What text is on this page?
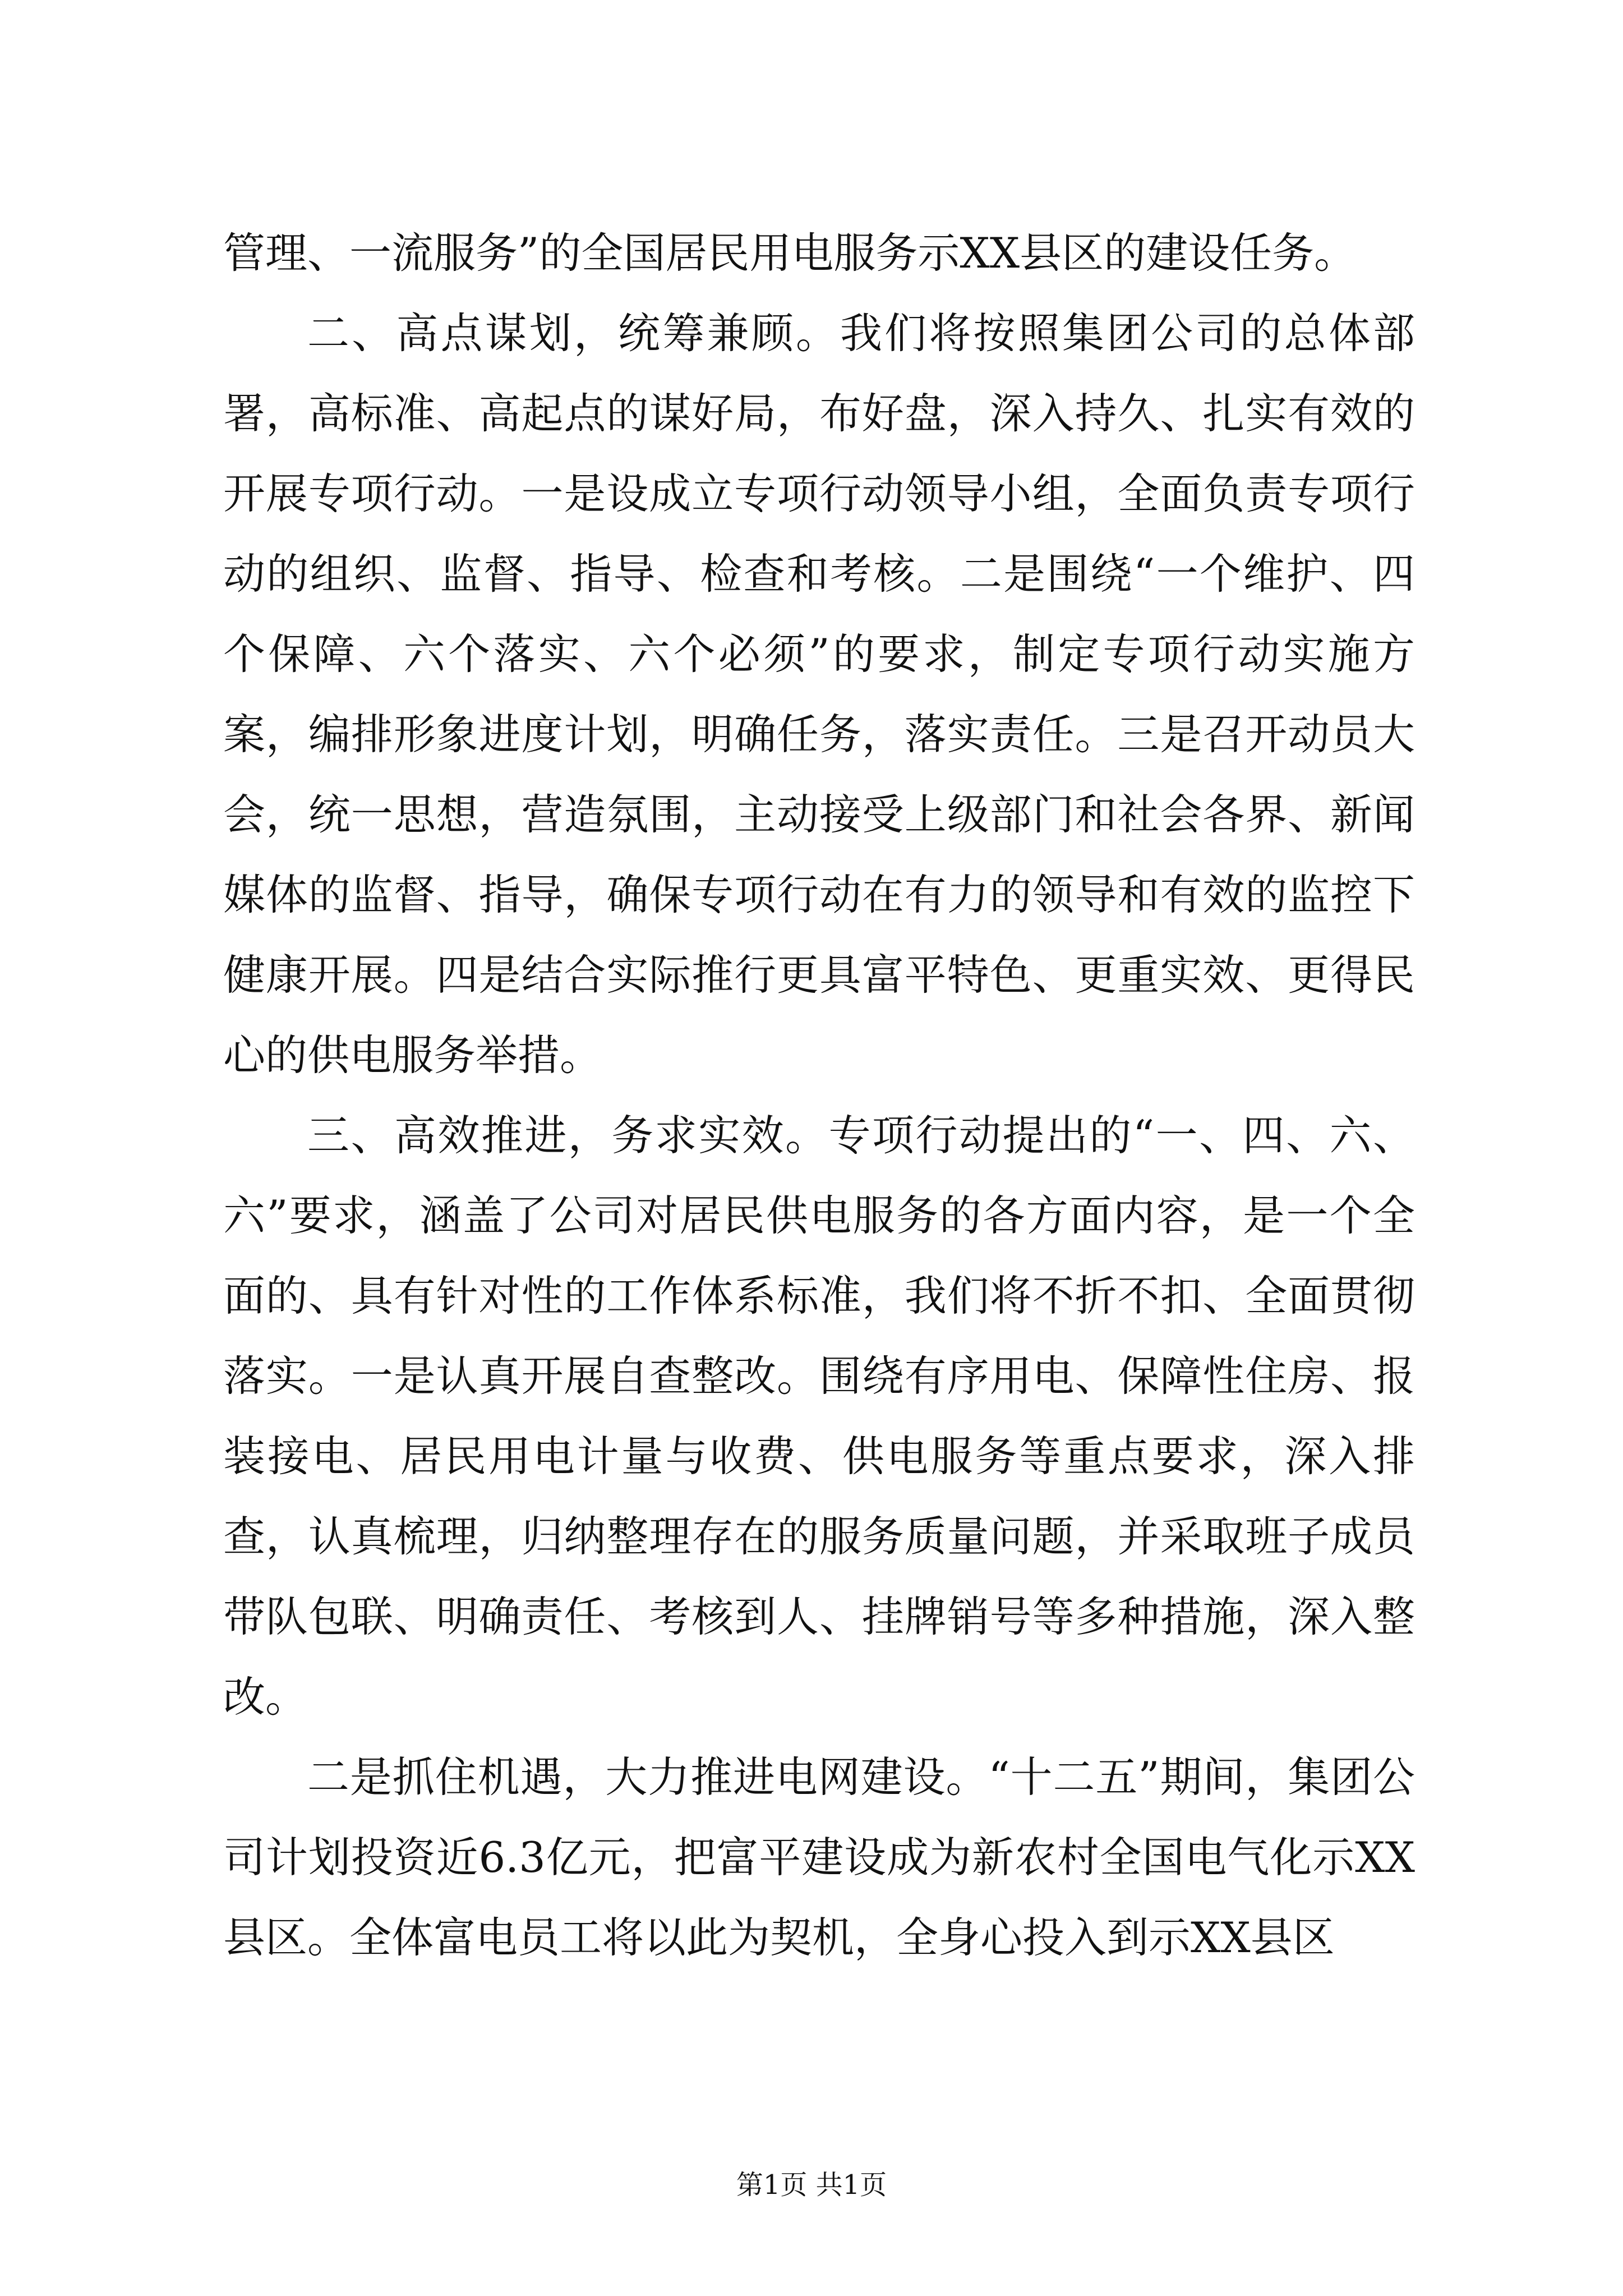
管理、一流服务”的全国居民用电服务示XX县区的建设任务。

二、高点谋划，统筹兼顾。我们将按照集团公司的总体部署，高标准、高起点的谋好局，布好盘，深入持久、扎实有效的开展专项行动。一是设成立专项行动领导小组，全面负责专项行动的组织、监督、指导、检查和考核。二是围绕“一个维护、四个保障、六个落实、六个必须”的要求，制定专项行动实施方案，编排形象进度计划，明确任务，落实责任。三是召开动员大会，统一思想，营造氛围，主动接受上级部门和社会各界、新闻媒体的监督、指导，确保专项行动在有力的领导和有效的监控下健康开展。四是结合实际推行更具富平特色、更重实效、更得民心的供电服务举措。

三、高效推进，务求实效。专项行动提出的“一、四、六、六”要求，涵盖了公司对居民供电服务的各方面内容，是一个全面的、具有针对性的工作体系标准，我们将不折不扣、全面贯彻落实。一是认真开展自查整改。围绕有序用电、保障性住房、报装接电、居民用电计量与收费、供电服务等重点要求，深入排查，认真梳理，归纳整理存在的服务质量问题，并采取班子成员带队包联、明确责任、考核到人、挂牌销号等多种措施，深入整改。

二是抓住机遇，大力推进电网建设。“十二五”期间，集团公司计划投资近6.3亿元，把富平建设成为新农村全国电气化示XX县区。全体富电员工将以此为契机，全身心投入到示XX县区

第1页 共1页
